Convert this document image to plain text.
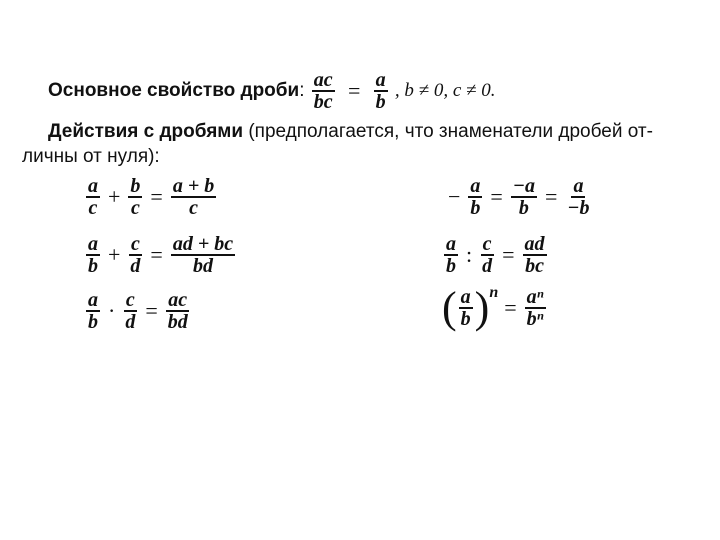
Основное свойство дроби: $\frac{ac}{bc} = \frac{a}{b}$ , b ≠ 0, c ≠ 0.
Действия с дробями (предполагается, что знаменатели дробей от-
личны от нуля):
$\frac{a}{c} + \frac{b}{c} = \frac{a + b}{c}$
$\frac{a}{b} + \frac{c}{d} = \frac{ad + bc}{bd}$
$\frac{a}{b} \cdot \frac{c}{d} = \frac{ac}{bd}$
− $\frac{a}{b} = \frac{-a}{b} = \frac{a}{-b}$
$\frac{a}{b}$ : $\frac{c}{d} = \frac{ad}{bc}$
( $\frac{a}{b}$ ) n
= $\frac{\text{aⁿ}}{\text{bⁿ}}$
